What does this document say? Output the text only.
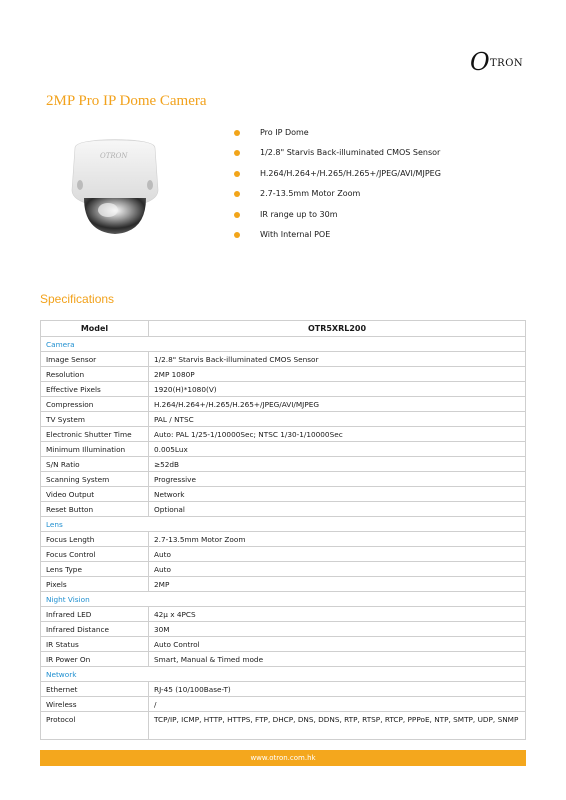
O TRON
2MP Pro IP Dome Camera
OTRON
Pro IP Dome
1/2.8" Starvis Back-illuminated CMOS Sensor
H.264/H.264+/H.265/H.265+/JPEG/AVI/MJPEG
2.7-13.5mm Motor Zoom
IR range up to 30m
With Internal POE
Specifications
Model	OTR5XRL200
Camera	
Image Sensor	1/2.8" Starvis Back-illuminated CMOS Sensor
Resolution	2MP 1080P
Effective Pixels	1920(H)*1080(V)
Compression	H.264/H.264+/H.265/H.265+/JPEG/AVI/MJPEG
TV System	PAL / NTSC
Electronic Shutter Time	Auto: PAL 1/25-1/10000Sec; NTSC 1/30-1/10000Sec
Minimum Illumination	0.005Lux
S/N Ratio	≥52dB
Scanning System	Progressive
Video Output	Network
Reset Button	Optional
Lens	
Focus Length	2.7-13.5mm Motor Zoom
Focus Control	Auto
Lens Type	Auto
Pixels	2MP
Night Vision	
Infrared LED	42μ x 4PCS
Infrared Distance	30M
IR Status	Auto Control
IR Power On	Smart, Manual & Timed mode
Network	
Ethernet	RJ-45 (10/100Base-T)
Wireless	/
Protocol	TCP/IP, ICMP, HTTP, HTTPS, FTP, DHCP, DNS, DDNS, RTP, RTSP, RTCP, PPPoE, NTP, SMTP, UDP, SNMP
www.otron.com.hk
